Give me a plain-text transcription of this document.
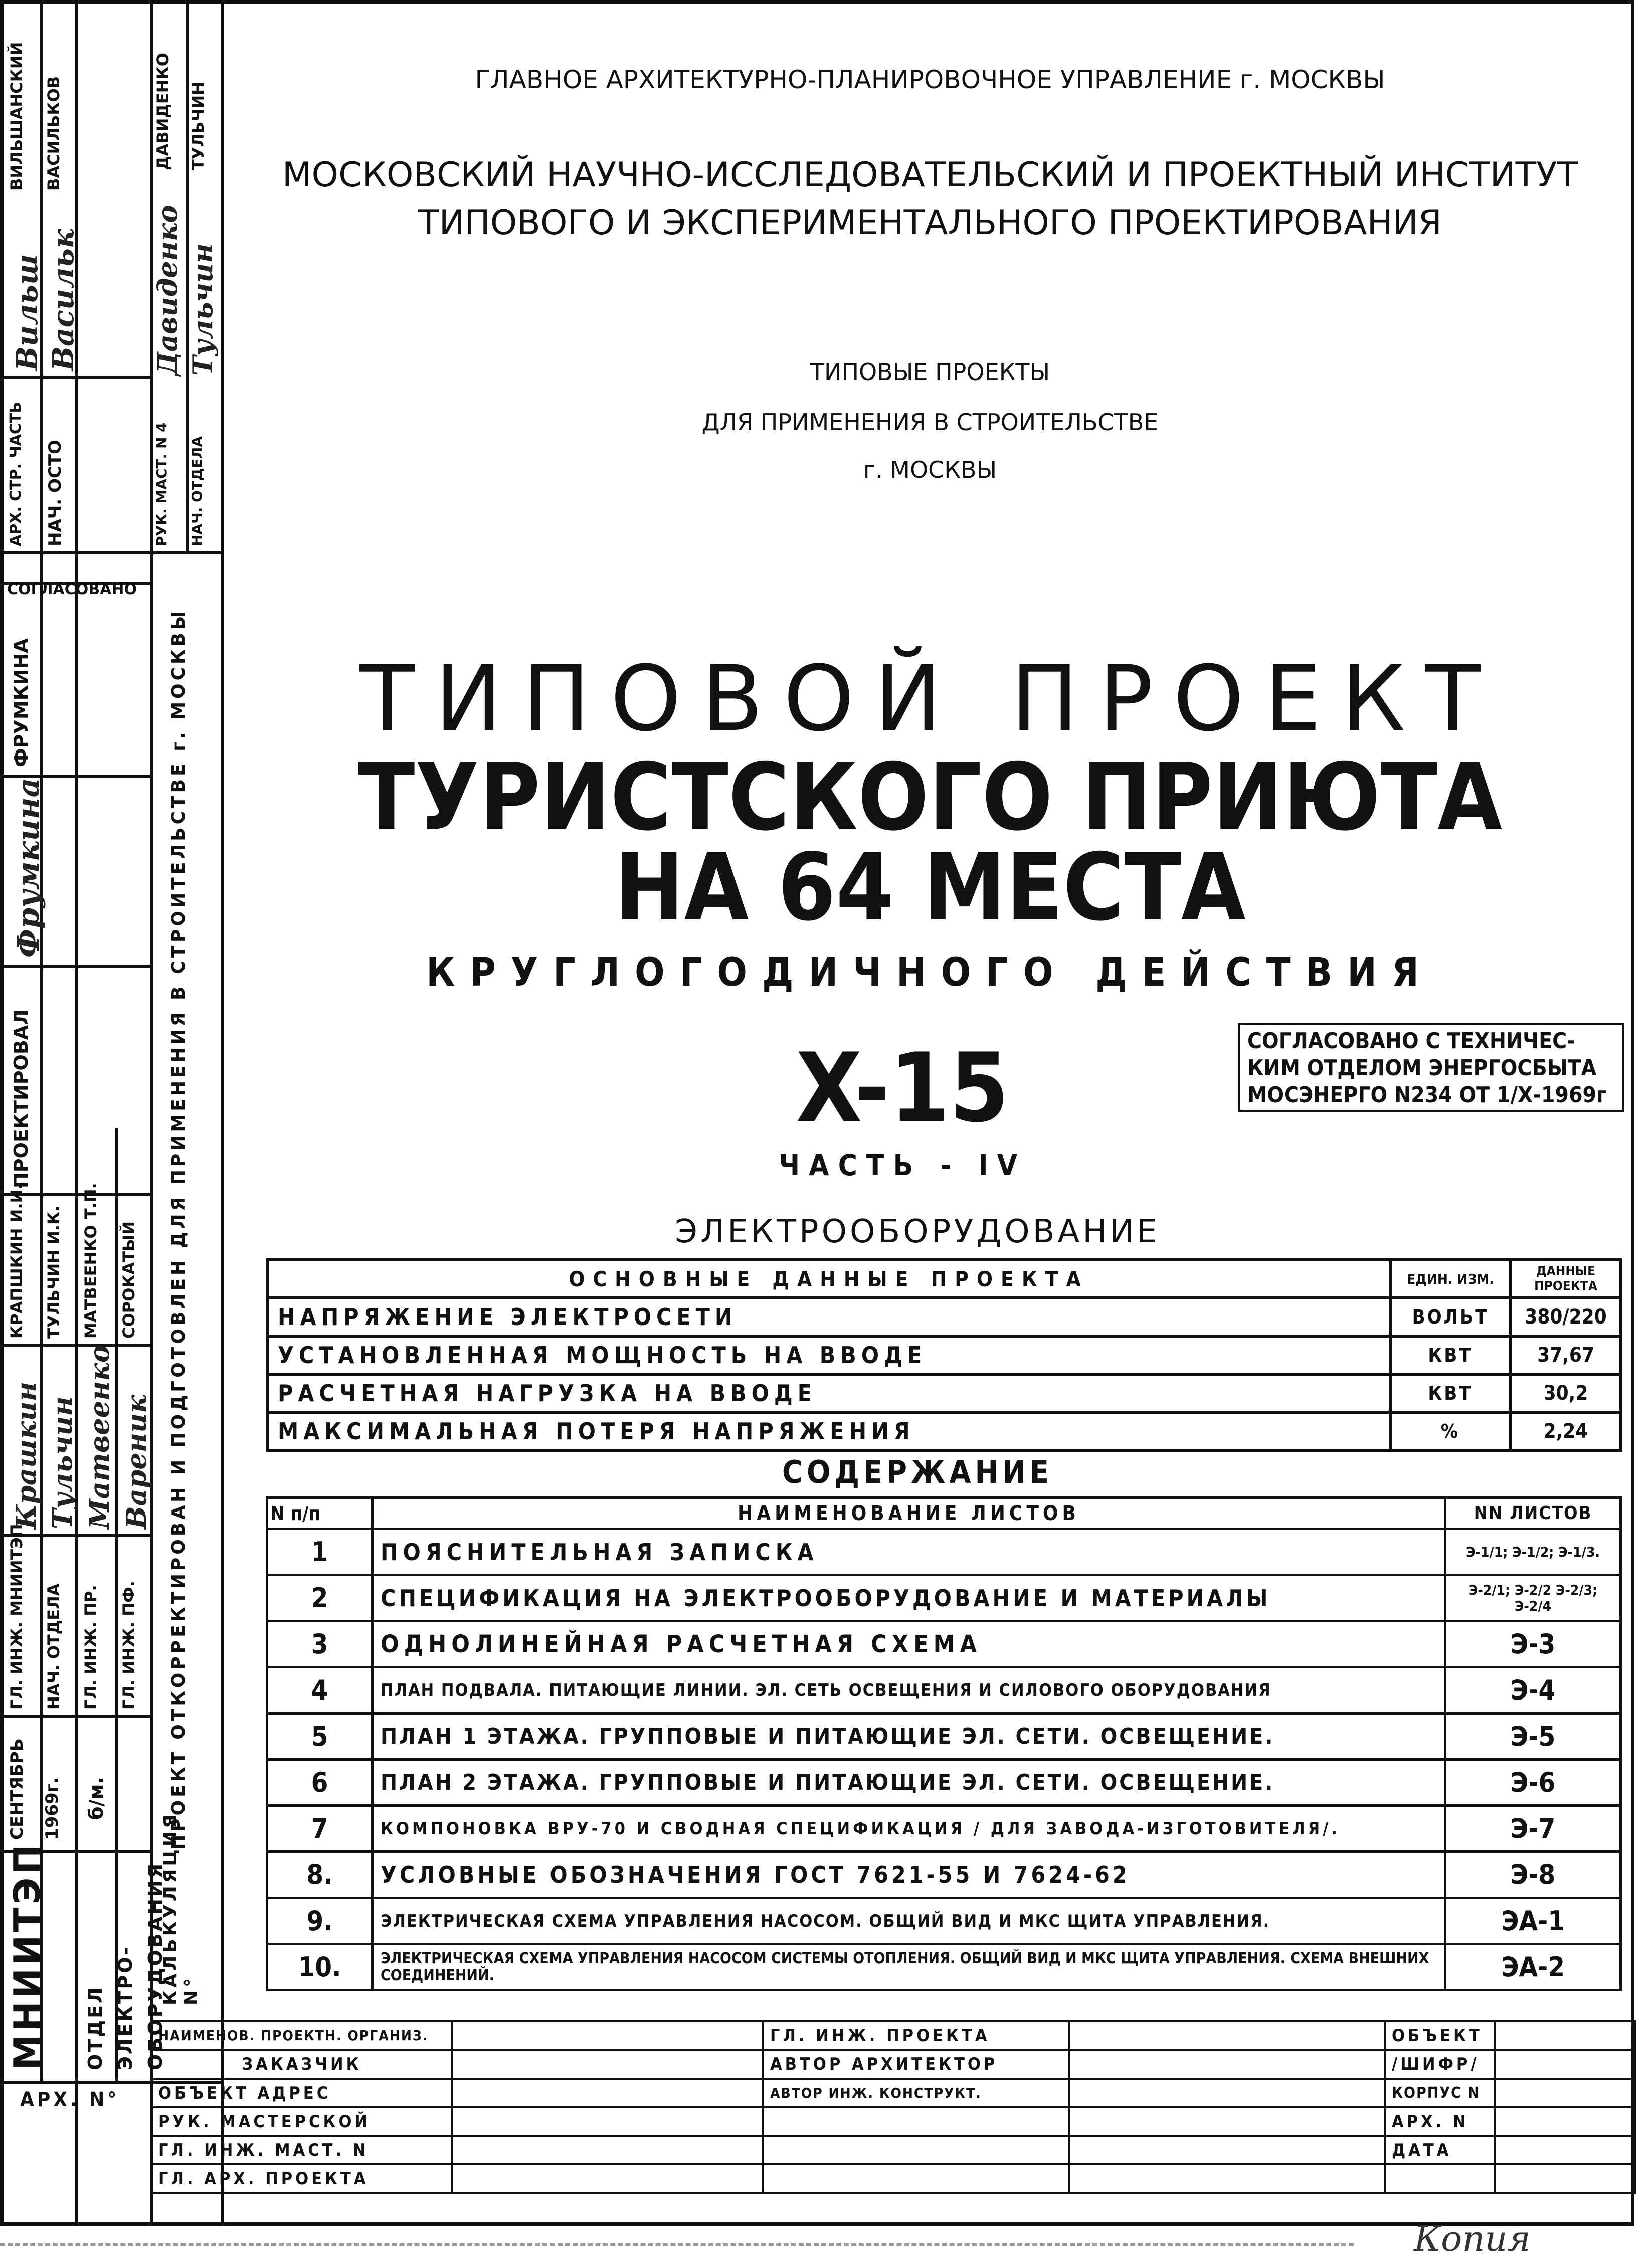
МНИИТЭП ОТДЕЛ ЭЛЕКТРО-ОБОРУДОВАНИЯ
СЕНТЯБРЬ 1969г. б/м.
ГЛ. ИНЖ. МНИИТЭП НАЧ. ОТДЕЛА ГЛ. ИНЖ. ПР. ГЛ. ИНЖ. ПФ.
Крашкин Тульчин Матвеенко Вареник
КРАПШКИН И.И. ТУЛЬЧИН И.К. МАТВЕЕНКО Т.П. СОРОКАТЫЙ
ПРОЕКТИРОВАЛ
Фрумкина
ФРУМКИНА
СОГЛАСОВАНО
АРХ. СТР. ЧАСТЬ НАЧ. ОСТО
Вильш Васильк
ВИЛЬШАНСКИЙ ВАСИЛЬКОВ
АРХ. N°
КАЛЬКУЛЯЦИЯ N°
ПРОЕКТ ОТКОРРЕКТИРОВАН И ПОДГОТОВЛЕН ДЛЯ ПРИМЕНЕНИЯ В СТРОИТЕЛЬСТВЕ г. МОСКВЫ
РУК. МАСТ. N 4 НАЧ. ОТДЕЛА
Давиденко Тульчин
ДАВИДЕНКО ТУЛЬЧИН
ГЛАВНОЕ АРХИТЕКТУРНО-ПЛАНИРОВОЧНОЕ УПРАВЛЕНИЕ г. МОСКВЫ
МОСКОВСКИЙ НАУЧНО-ИССЛЕДОВАТЕЛЬСКИЙ И ПРОЕКТНЫЙ ИНСТИТУТ
ТИПОВОГО И ЭКСПЕРИМЕНТАЛЬНОГО ПРОЕКТИРОВАНИЯ
ТИПОВЫЕ ПРОЕКТЫ
ДЛЯ ПРИМЕНЕНИЯ В СТРОИТЕЛЬСТВЕ
г. МОСКВЫ
ТИПОВОЙ ПРОЕКТ
ТУРИСТСКОГО ПРИЮТА
НА 64 МЕСТА
КРУГЛОГОДИЧНОГО ДЕЙСТВИЯ
X-15
ЧАСТЬ - IV
СОГЛАСОВАНО С ТЕХНИЧЕС-
КИМ ОТДЕЛОМ ЭНЕРГОСБЫТА
МОСЭНЕРГО N234 ОТ 1/Х-1969г
ЭЛЕКТРООБОРУДОВАНИЕ
ОСНОВНЫЕ ДАННЫЕ ПРОЕКТА	ЕДИН. ИЗМ.	ДАННЫЕ ПРОЕКТА
НАПРЯЖЕНИЕ ЭЛЕКТРОСЕТИ	ВОЛЬТ	380/220
УСТАНОВЛЕННАЯ МОЩНОСТЬ НА ВВОДЕ	КВТ	37,67
РАСЧЕТНАЯ НАГРУЗКА НА ВВОДЕ	КВТ	30,2
МАКСИМАЛЬНАЯ ПОТЕРЯ НАПРЯЖЕНИЯ	%	2,24
СОДЕРЖАНИЕ
N п/п	НАИМЕНОВАНИЕ ЛИСТОВ	NN ЛИСТОВ
1	ПОЯСНИТЕЛЬНАЯ ЗАПИСКА	Э-1/1; Э-1/2; Э-1/3.
2	СПЕЦИФИКАЦИЯ НА ЭЛЕКТРООБОРУДОВАНИЕ И МАТЕРИАЛЫ	Э-2/1; Э-2/2 Э-2/3; Э-2/4
3	ОДНОЛИНЕЙНАЯ РАСЧЕТНАЯ СХЕМА	Э-3
4	ПЛАН ПОДВАЛА. ПИТАЮЩИЕ ЛИНИИ. ЭЛ. СЕТЬ ОСВЕЩЕНИЯ И СИЛОВОГО ОБОРУДОВАНИЯ	Э-4
5	ПЛАН 1 ЭТАЖА. ГРУППОВЫЕ И ПИТАЮЩИЕ ЭЛ. СЕТИ. ОСВЕЩЕНИЕ.	Э-5
6	ПЛАН 2 ЭТАЖА. ГРУППОВЫЕ И ПИТАЮЩИЕ ЭЛ. СЕТИ. ОСВЕЩЕНИЕ.	Э-6
7	КОМПОНОВКА ВРУ-70 И СВОДНАЯ СПЕЦИФИКАЦИЯ / ДЛЯ ЗАВОДА-ИЗГОТОВИТЕЛЯ/.	Э-7
8.	УСЛОВНЫЕ ОБОЗНАЧЕНИЯ ГОСТ 7621-55 И 7624-62	Э-8
9.	ЭЛЕКТРИЧЕСКАЯ СХЕМА УПРАВЛЕНИЯ НАСОСОМ. ОБЩИЙ ВИД И МКС ЩИТА УПРАВЛЕНИЯ.	ЭА-1
10.	ЭЛЕКТРИЧЕСКАЯ СХЕМА УПРАВЛЕНИЯ НАСОСОМ СИСТЕМЫ ОТОПЛЕНИЯ. ОБЩИЙ ВИД И МКС ЩИТА УПРАВЛЕНИЯ. СХЕМА ВНЕШНИХ СОЕДИНЕНИЙ.	ЭА-2
НАИМЕНОВ. ПРОЕКТН. ОРГАНИЗ.		ГЛ. ИНЖ. ПРОЕКТА		ОБЪЕКТ	
ЗАКАЗЧИК		АВТОР АРХИТЕКТОР		/ШИФР/	
ОБЪЕКТ АДРЕС		АВТОР ИНЖ. КОНСТРУКТ.		КОРПУС N	
РУК. МАСТЕРСКОЙ				АРХ. N	
ГЛ. ИНЖ. МАСТ. N				ДАТА	
ГЛ. АРХ. ПРОЕКТА					
Копия
